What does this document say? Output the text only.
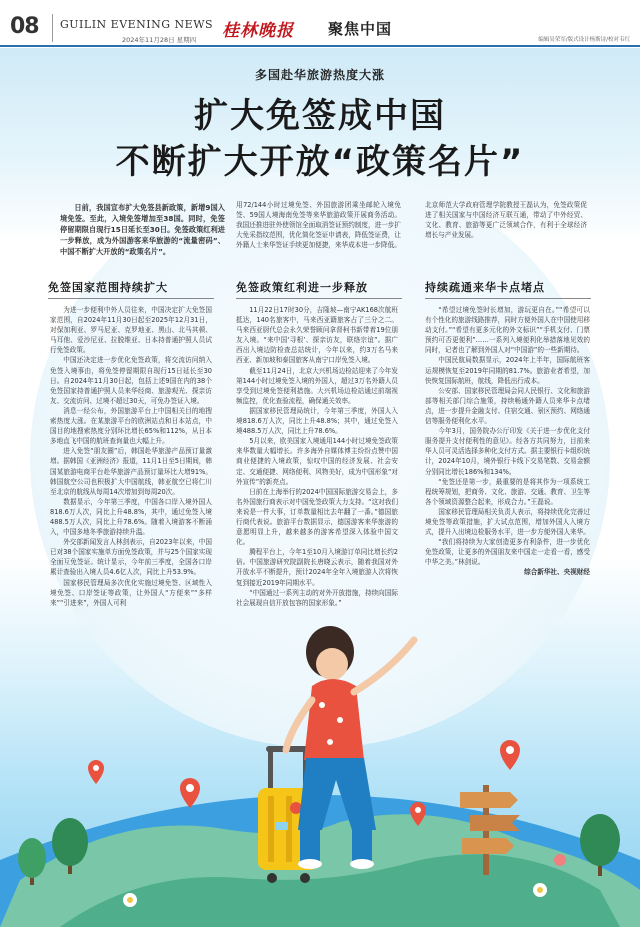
08 GUILIN EVENING NEWS
2024年11月28日 星期四 桂林晚报 聚焦中国
编辑吴荣军/版式设计杨斯诗/校对韦红
多国赴华旅游热度大涨
扩大免签成中国
不断扩大开放“政策名片”

日前，我国宣布扩大免签县新政策，新增9国入境免签。至此，入境免签增加至38国。同时，免签停留期限自现行15日延长至30日。免签政策红利进一步释放，成为外国游客来华旅游的“流量密码”、中国不断扩大开放的“政策名片”。

用72/144小时过境免签、外国旅游团乘坐邮轮入境免签、59国人境海南免签等来华旅游政策开展商务活动。 我国还推进驻外使领馆全面取消签证预约制度，进一步扩大免采指纹范围，优化简化签证申请表，降低签证费，让外籍人士来华签证手续更加便捷，来华成本进一步降低。

北京师范大学政府管理学院教授王磊认为，免签政策促进了相关国家与中国经济互联互通，带动了中外经贸、文化、教育、旅游等更广泛领域合作，有利于全球经济增长与产业发展。

免签国家范围持续扩大	免签政策红利进一步释放	持续疏通来华卡点堵点

为进一步便利中外人员往来，中国决定扩大免签国家范围，自2024年11月30日起至2025年12月31日，对保加利亚、罗马尼亚、克罗地亚、黑山、北马其顿、马耳他、爱沙尼亚、拉脱维亚、日本持普通护照人员试行免签政策。

中国还决定进一步优化免签政策，将交流访问纳入免签入境事由，将免签停留期限自现行15日延长至30日。自2024年11月30日起，包括上述9国在内的38个免签国家持普通护照人员来华经商、旅游观光、探亲访友、交流访问、过境不超过30天，可免办签证入境。

消息一经公布，外国旅游平台上中国相关目的地搜索热度大涨。在某旅游平台的欧洲站点和日本站点，中国目的地搜索热度分别环比增长65%和112%，从日本多地直飞中国的航班查询量也大幅上升。

进入免签“朋友圈”后，韩国赴华旅游产品预订量激增。据韩国《亚洲经济》报道，11月1日至5日期间，韩国某旅游电商平台赴华旅游产品预订量环比大增91%。韩国航空公司也积极扩大中国航线，韩亚航空已将仁川至北京的航线从每周14次增加到每周20次。

数据显示，今年第三季度，中国各口岸入境外国人818.6万人次，同比上升48.8%，其中，通过免签入境488.5万人次，同比上升78.6%。随着入境游客不断涌入，中国多地冬季旅游持续升温。

外交部新闻发言人林剑表示，自2023年以来，中国已对38个国家实施单方面免签政策，并与25个国家实现全面互免签证。统计显示，今年前三季度，全国各口岸累计查验出入境人员4.6亿人次，同比上升53.9%。

国家移民管理局多次优化实施过境免签、区域性入境免签、口岸签证等政策，让外国人“方便来”“多样来”“引进来”，外国人可利

11月22日17时30分，吉隆坡—南宁AK168次航班抵达，140名旅客中，马来西亚籍旅客占了三分之二。马来西亚厨代总会永久荣誉顾问拿督柯书新带着19位朋友入境。“来中国‘寻根’、探亲访友，联络宗谊”。据广西出入境边防检查总站统计，今年以来，约3万名马来西亚、新加坡和泰国旅客从南宁口岸免签入境。

截至11月24日，北京大兴机场边检站迎来了今年发第144小时过境免签入境的外国人，超过3万名外籍人员享受到过境免签便利措施。大兴机场边检站通过前端视频监控，优化查验流程，确保通关效率。

据国家移民管理局统计，今年第三季度，外国人入境818.6万人次，同比上升48.8%；其中，通过免签入境488.5万人次，同比上升78.6%。

5月以来，欧美国家入境通用144小时过境免签政策来华数量大幅增长。许多海外自媒体博主纷纷点赞中国商业便捷的入境政策，惊叹中国的经济发展、社会安定、交通便捷、网络便利、风物美好，成为中国形象“对外宣传”的新亮点。

日前在上海举行的2024中国国际旅游交易会上，多名外国旅行商表示对中国免签政策大力支持。“这对我们来说是一件大事，订单数量相比去年翻了一番。”德国旅行商代表说。旅游平台数据显示，德国游客来华旅游的意愿明显上升，越来越多的游客希望深入体验中国文化。

腾程平台上，今年1至10月入境游订单同比增长约2倍。中国旅游研究院副院长唐晓云表示，随着我国对外开放水平不断提升，预计2024年全年入境旅游人次将恢复到接近2019年同期水平。

“中国通过一系列主动的对外开放措施，持续向国际社会展现自信开放包容的国家形象。”

“希望过境免签时长增加，游玩更自在。”“希望可以有个性化的旅游线路推荐，同时方便外国人在中国使用移动支付。”“希望有更多元化的外文标识”“手机支付、门票预约可否更便利”……一系列入境便利化举措落地见效的同时，记者也了解到外国人对“中国游”的一些新期待。

中国民航局数据显示，2024年上半年，国际航班客运规模恢复至2019年同期的81.7%。旅游业者希望，加快恢复国际航班，航线，降低出行成本。

公安部、国家移民管理局会同人民银行、文化和旅游部等相关部门综合施策，持续畅通外籍人员来华卡点堵点，进一步提升金融支付、住宿交通、景区预约、网络通信等服务便利化水平。

今年3月，国务院办公厅印发《关于进一步优化支付服务提升支付便利性的意见》。经各方共同努力，目前来华人员可灵活选择多种化支付方式。据主要银行卡组织统计，2024年10月，境外银行卡线下交易笔数、交易金额分别同比增长186%和134%。

“免签还是第一步，最重要的是将其作为一项系统工程统筹规划，把商务、文化、旅游、交通、教育、卫生等各个领域资源整合起来，形成合力。”王磊说。

国家移民管理局相关负责人表示，将持续优化完善过境免签等政策措施，扩大试点范围，增加外国人入境方式，提升入出境边检服务水平，进一步方便外国人来华。

“我们将持续为大家创造更多有利条件，进一步优化免签政策，让更多的外国朋友来中国走一走看一看，感受中华之美。”林剑说。

综合新华社、央视财经
